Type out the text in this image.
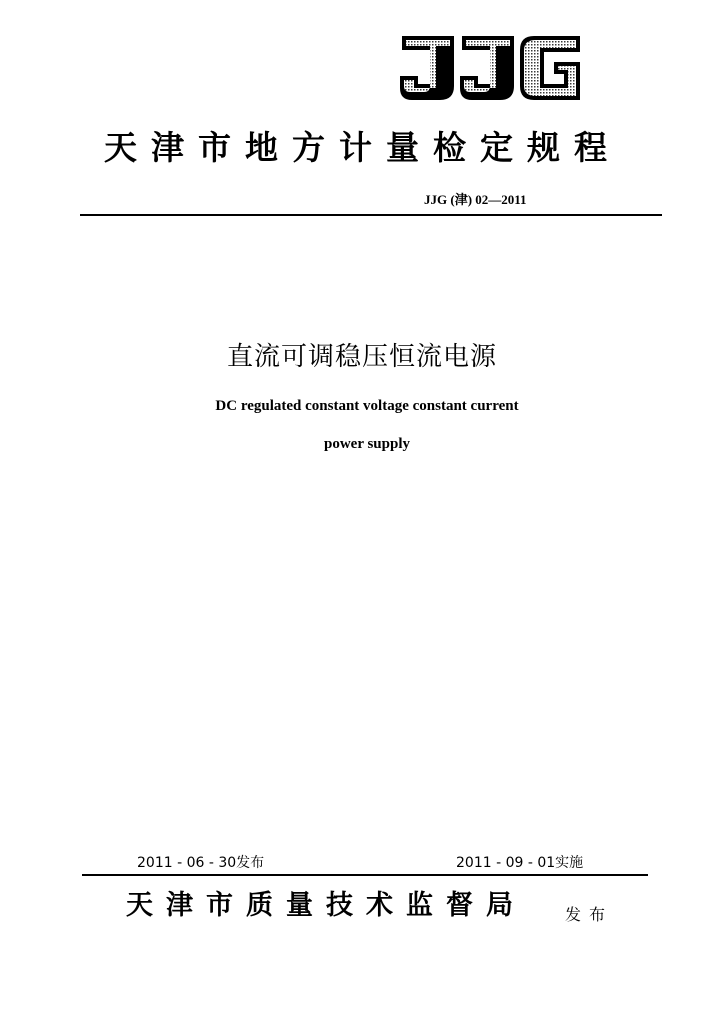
天津市地方计量检定规程
JJG (津) 02—2011
直流可调稳压恒流电源
DC regulated constant voltage constant current
power supply
2011 - 06 - 30发布	2011 - 09 - 01实施
天津市质量技术监督局 发布
